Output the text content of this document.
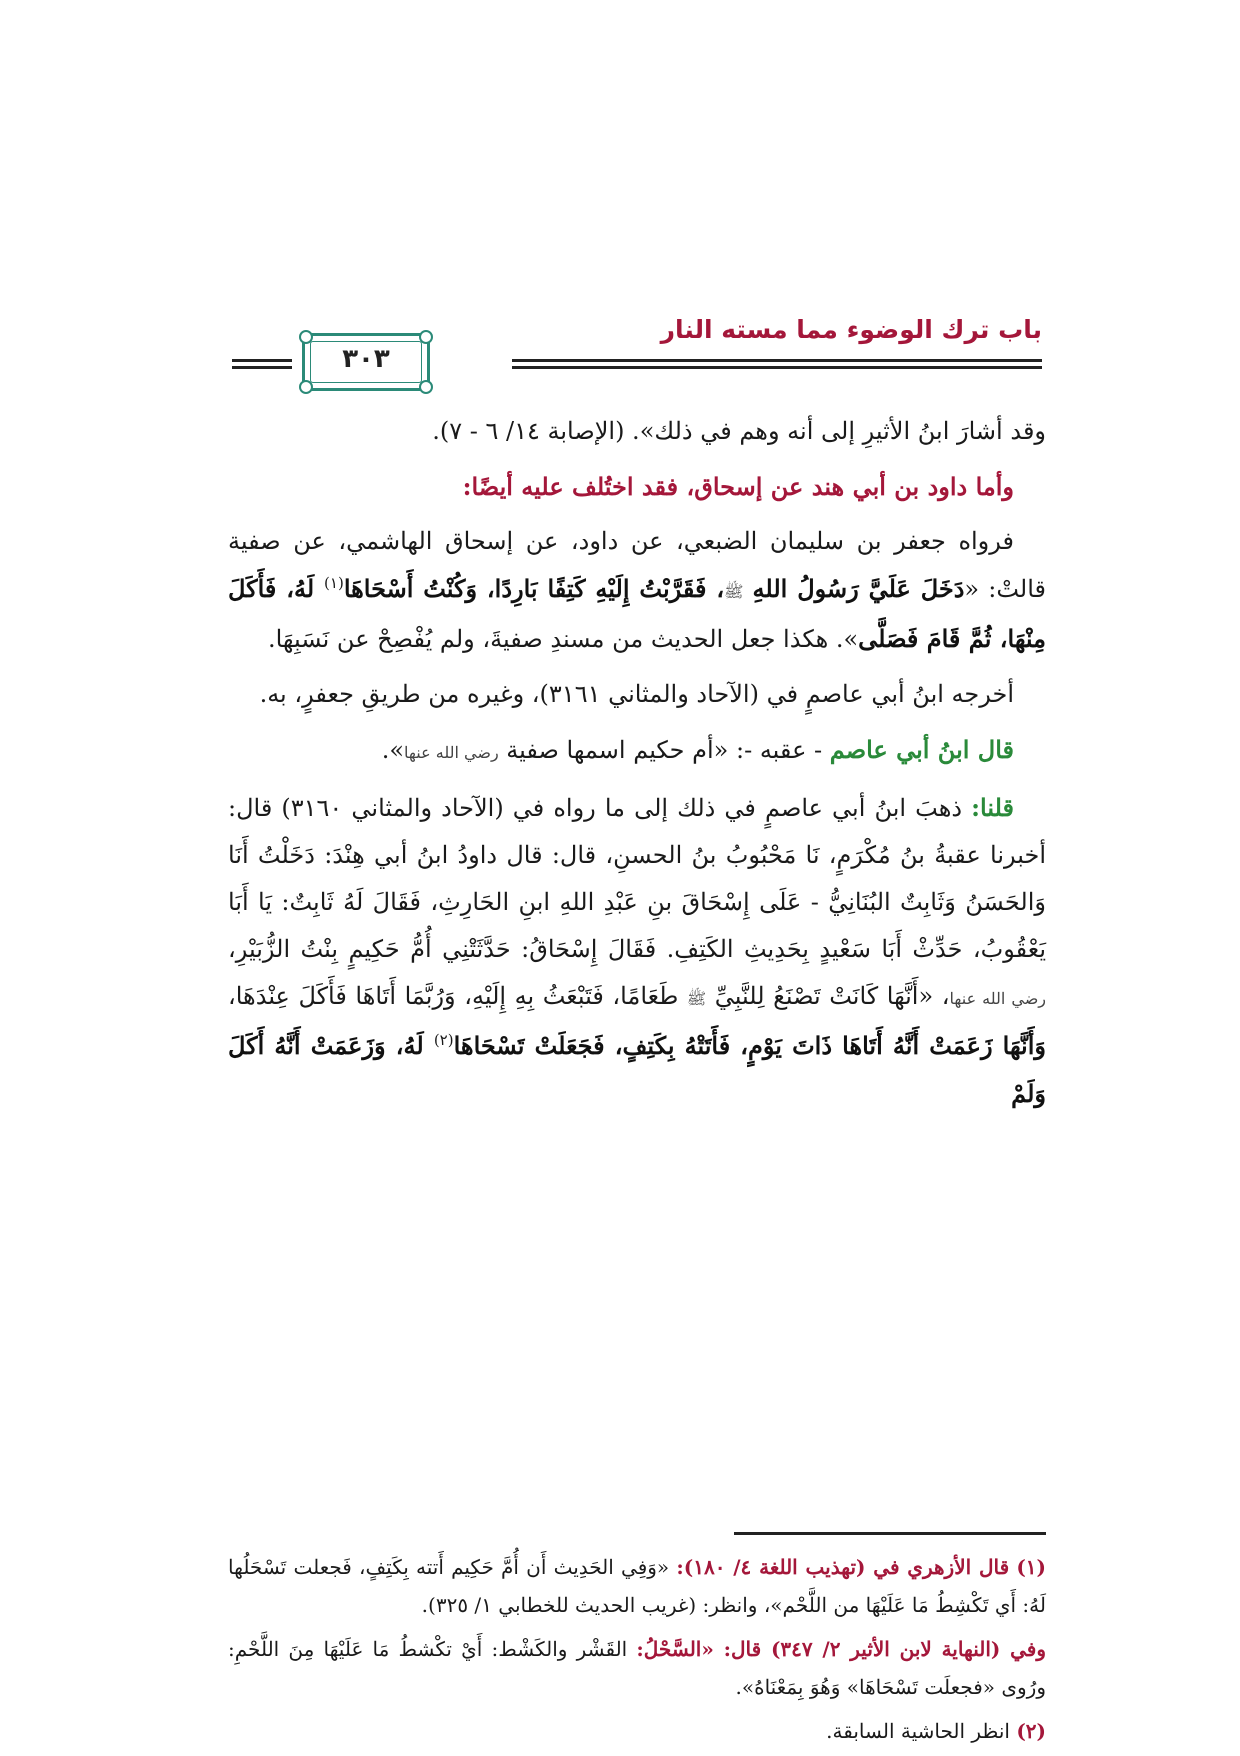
باب ترك الوضوء مما مسته النار
٣٠٣

وقد أشارَ ابنُ الأثيرِ إلى أنه وهم في ذلك». (الإصابة ١٤/ ٦ - ٧).

وأما داود بن أبي هند عن إسحاق، فقد اختُلف عليه أيضًا:

فرواه جعفر بن سليمان الضبعي، عن داود، عن إسحاق الهاشمي، عن صفية قالتْ: «دَخَلَ عَلَيَّ رَسُولُ اللهِ ﷺ، فَقَرَّبْتُ إِلَيْهِ كَتِفًا بَارِدًا، وَكُنْتُ أَسْحَاهَا$^{(١)}$ لَهُ، فَأَكَلَ مِنْهَا، ثُمَّ قَامَ فَصَلَّى». هكذا جعل الحديث من مسندِ صفيةَ، ولم يُفْصِحْ عن نَسَبِهَا.

أخرجه ابنُ أبي عاصمٍ في (الآحاد والمثاني ٣١٦١)، وغيره من طريقِ جعفرٍ، به.

قال ابنُ أبي عاصم - عقبه -: «أم حكيم اسمها صفية رضي الله عنها».

قلنا: ذهبَ ابنُ أبي عاصمٍ في ذلك إلى ما رواه في (الآحاد والمثاني ٣١٦٠) قال: أخبرنا عقبةُ بنُ مُكْرَمٍ، نَا مَحْبُوبُ بنُ الحسنِ، قال: قال داودُ ابنُ أبي هِنْدَ: دَخَلْتُ أَنَا وَالحَسَنُ وَثَابِتٌ البُنَانِيُّ - عَلَى إِسْحَاقَ بنِ عَبْدِ اللهِ ابنِ الحَارِثِ، فَقَالَ لَهُ ثَابِتٌ: يَا أَبَا يَعْقُوبُ، حَدِّثْ أَبَا سَعْيدٍ بِحَدِيثِ الكَتِفِ. فَقَالَ إِسْحَاقُ: حَدَّثَتْنِي أُمُّ حَكِيمٍ بِنْتُ الزُّبَيْرِ، رضي الله عنها، «أَنَّهَا كَانَتْ تَصْنَعُ لِلنَّبِيِّ ﷺ طَعَامًا، فَتَبْعَثُ بِهِ إِلَيْهِ، وَرُبَّمَا أَتَاهَا فَأَكَلَ عِنْدَهَا، وَأَنَّهَا زَعَمَتْ أَنَّهُ أَتَاهَا ذَاتَ يَوْمٍ، فَأَتَتْهُ بِكَتِفٍ، فَجَعَلَتْ تَسْحَاهَا$^{(٢)}$ لَهُ، وَزَعَمَتْ أَنَّهُ أَكَلَ وَلَمْ

(١) قال الأزهري في (تهذيب اللغة ٤/ ١٨٠): «وَفِي الحَدِيث أَن أُمَّ حَكِيم أَتته بِكَتِفٍ، فَجعلت تَسْحَلُها لَهُ: أَي تَكْشِطُ مَا عَلَيْهَا من اللَّحْم»، وانظر: (غريب الحديث للخطابي ١/ ٣٢٥).

وفي (النهاية لابن الأثير ٢/ ٣٤٧) قال: «السَّحْلُ: القَشْر والكَشْط: أَيْ تكْشطُ مَا عَلَيْهَا مِنَ اللَّحْمِ: ورُوى «فجعلَت تَسْحَاهَا» وَهُوَ بِمَعْنَاهُ».

(٢) انظر الحاشية السابقة.
